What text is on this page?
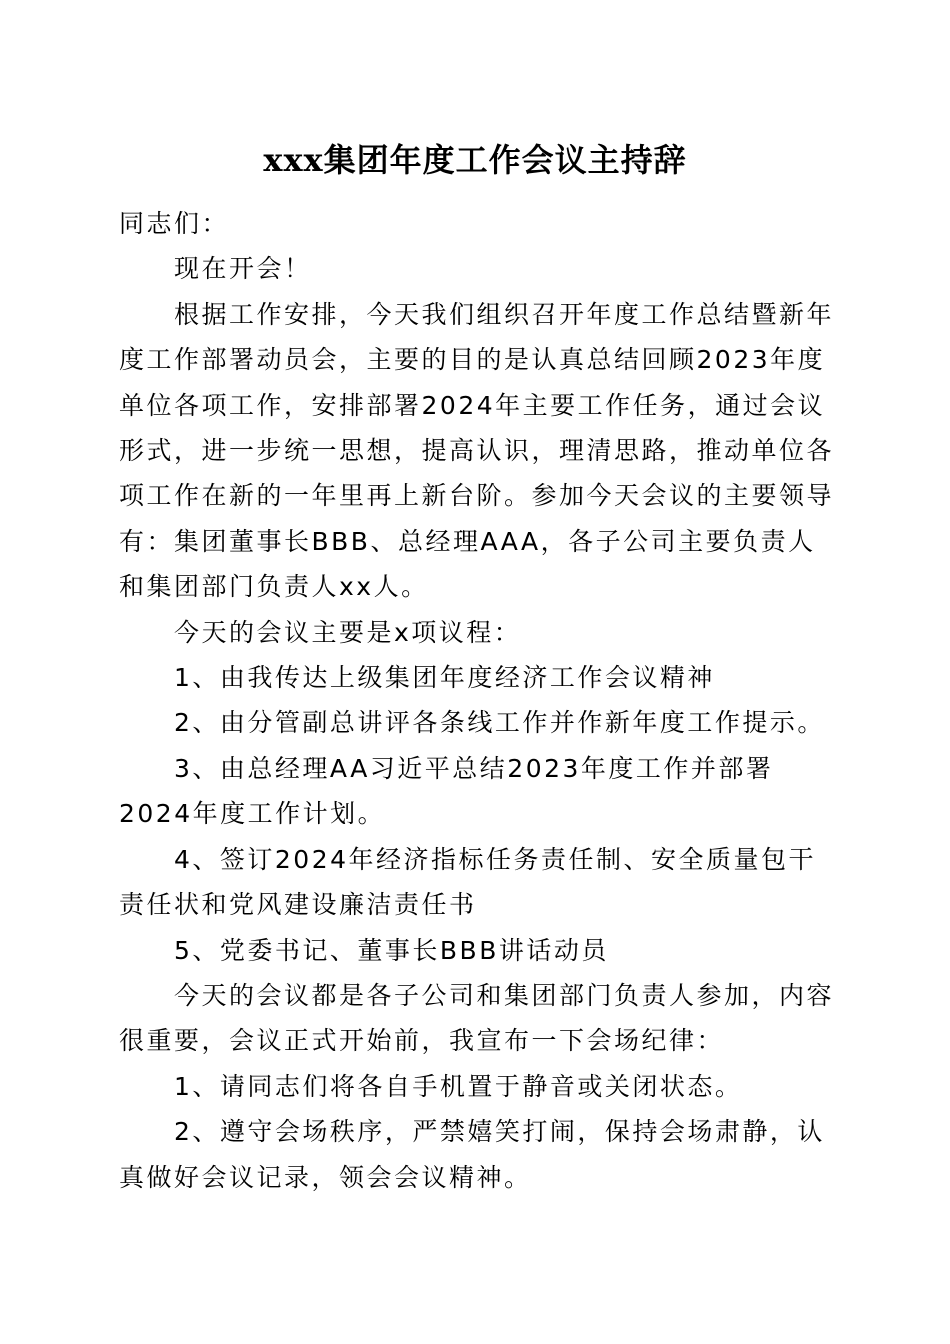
xxx集团年度工作会议主持辞

同志们：

现在开会！

根据工作安排，今天我们组织召开年度工作总结暨新年度工作部署动员会，主要的目的是认真总结回顾2023年度单位各项工作，安排部署2024年主要工作任务，通过会议形式，进一步统一思想，提高认识，理清思路，推动单位各项工作在新的一年里再上新台阶。参加今天会议的主要领导有：集团董事长BBB、总经理AAA，各子公司主要负责人和集团部门负责人xx人。

今天的会议主要是x项议程：

1、由我传达上级集团年度经济工作会议精神

2、由分管副总讲评各条线工作并作新年度工作提示。

3、由总经理AA习近平总结2023年度工作并部署2024年度工作计划。

4、签订2024年经济指标任务责任制、安全质量包干责任状和党风建设廉洁责任书

5、党委书记、董事长BBB讲话动员

今天的会议都是各子公司和集团部门负责人参加，内容很重要，会议正式开始前，我宣布一下会场纪律：

1、请同志们将各自手机置于静音或关闭状态。

2、遵守会场秩序，严禁嬉笑打闹，保持会场肃静，认真做好会议记录，领会会议精神。
